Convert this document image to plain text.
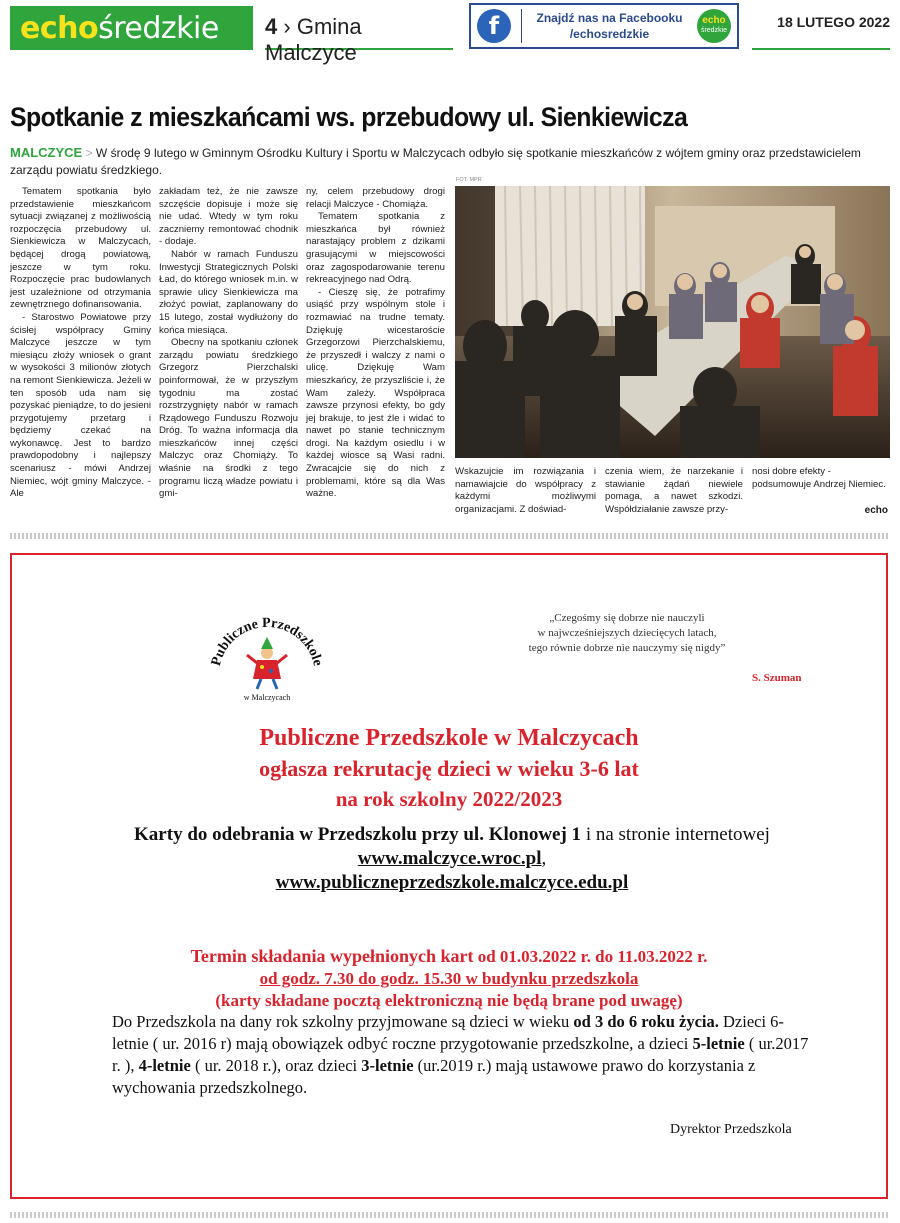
echo średzkie 4 › Gmina Malczyce
f	Znajdź nas na Facebooku
/echosredzkie
echo
średzkie
18 LUTEGO 2022
Spotkanie z mieszkańcami ws. przebudowy ul. Sienkiewicza
MALCZYCE > W środę 9 lutego w Gminnym Ośrodku Kultury i Sportu w Malczycach odbyło się spotkanie mieszkańców z wójtem gminy oraz przedstawicielem zarządu powiatu średzkiego.

Tematem spotkania było przedstawienie mieszkańcom sytuacji związanej z możliwością rozpoczęcia przebudowy ul. Sienkiewicza w Malczycach, będącej drogą powiatową, jeszcze w tym roku. Rozpoczęcie prac budowlanych jest uzależnione od otrzymania zewnętrznego dofinansowania.

- Starostwo Powiatowe przy ścisłej współpracy Gminy Malczyce jeszcze w tym miesiącu złoży wniosek o grant w wysokości 3 milionów złotych na remont Sienkiewicza. Jeżeli w ten sposób uda nam się pozyskać pieniądze, to do jesieni przygotujemy przetarg i będziemy czekać na wykonawcę. Jest to bardzo prawdopodobny i najlepszy scenariusz - mówi Andrzej Niemiec, wójt gminy Malczyce. - Ale

zakładam też, że nie zawsze szczęście dopisuje i może się nie udać. Wtedy w tym roku zaczniemy remontować chodnik - dodaje.

Nabór w ramach Funduszu Inwestycji Strategicznych Polski Ład, do którego wniosek m.in. w sprawie ulicy Sienkiewicza ma złożyć powiat, zaplanowany do 15 lutego, został wydłużony do końca miesiąca.

Obecny na spotkaniu członek zarządu powiatu średzkiego Grzegorz Pierzchalski poinformował, że w przyszłym tygodniu ma zostać rozstrzygnięty nabór w ramach Rządowego Funduszu Rozwoju Dróg. To ważna informacja dla mieszkańców innej części Malczyc oraz Chomiąży. To właśnie na środki z tego programu liczą władze powiatu i gmi-

ny, celem przebudowy drogi relacji Malczyce - Chomiąża.

Tematem spotkania z mieszkańca był również narastający problem z dzikami grasującymi w miejscowości oraz zagospodarowanie terenu rekreacyjnego nad Odrą.

- Cieszę się, że potrafimy usiąść przy wspólnym stole i rozmawiać na trudne tematy. Dziękuję wicestaroście Grzegorzowi Pierzchalskiemu, że przyszedł i walczy z nami o ulicę. Dziękuję Wam mieszkańcy, że przyszliście i, że Wam zależy. Współpraca zawsze przynosi efekty, bo gdy jej brakuje, to jest źle i widać to nawet po stanie technicznym drogi. Na każdym osiedlu i w każdej wiosce są Wasi radni. Zwracajcie się do nich z problemami, które są dla Was ważne.

FOT. MPR
Wskazujcie im rozwiązania i namawiajcie do współpracy z każdymi możliwymi organizacjami. Z doświad-
czenia wiem, że narzekanie i stawianie żądań niewiele pomaga, a nawet szkodzi. Współdziałanie zawsze przy-
nosi dobre efekty - podsumowuje Andrzej Niemiec.
echo
Publiczne Przedszkole
w Malczycach
„Czegośmy się dobrze nie nauczyli
w najwcześniejszych dziecięcych latach,
tego równie dobrze nie nauczymy się nigdy”
S. Szuman
Publiczne Przedszkole w Malczycach
ogłasza rekrutację dzieci w wieku 3-6 lat
na rok szkolny 2022/2023
Karty do odebrania w Przedszkolu przy ul. Klonowej 1 i na stronie internetowej www.malczyce.wroc.pl,
www.publiczneprzedszkole.malczyce.edu.pl
Termin składania wypełnionych kart od 01.03.2022 r. do 11.03.2022 r.
od godz. 7.30 do godz. 15.30 w budynku przedszkola
(karty składane pocztą elektroniczną nie będą brane pod uwagę)
Do Przedszkola na dany rok szkolny przyjmowane są dzieci w wieku od 3 do 6 roku życia. Dzieci 6-letnie ( ur. 2016 r) mają obowiązek odbyć roczne przygotowanie przedszkolne, a dzieci 5-letnie ( ur.2017 r. ), 4-letnie ( ur. 2018 r.), oraz dzieci 3-letnie (ur.2019 r.) mają ustawowe prawo do korzystania z wychowania przedszkolnego.
Dyrektor Przedszkola
